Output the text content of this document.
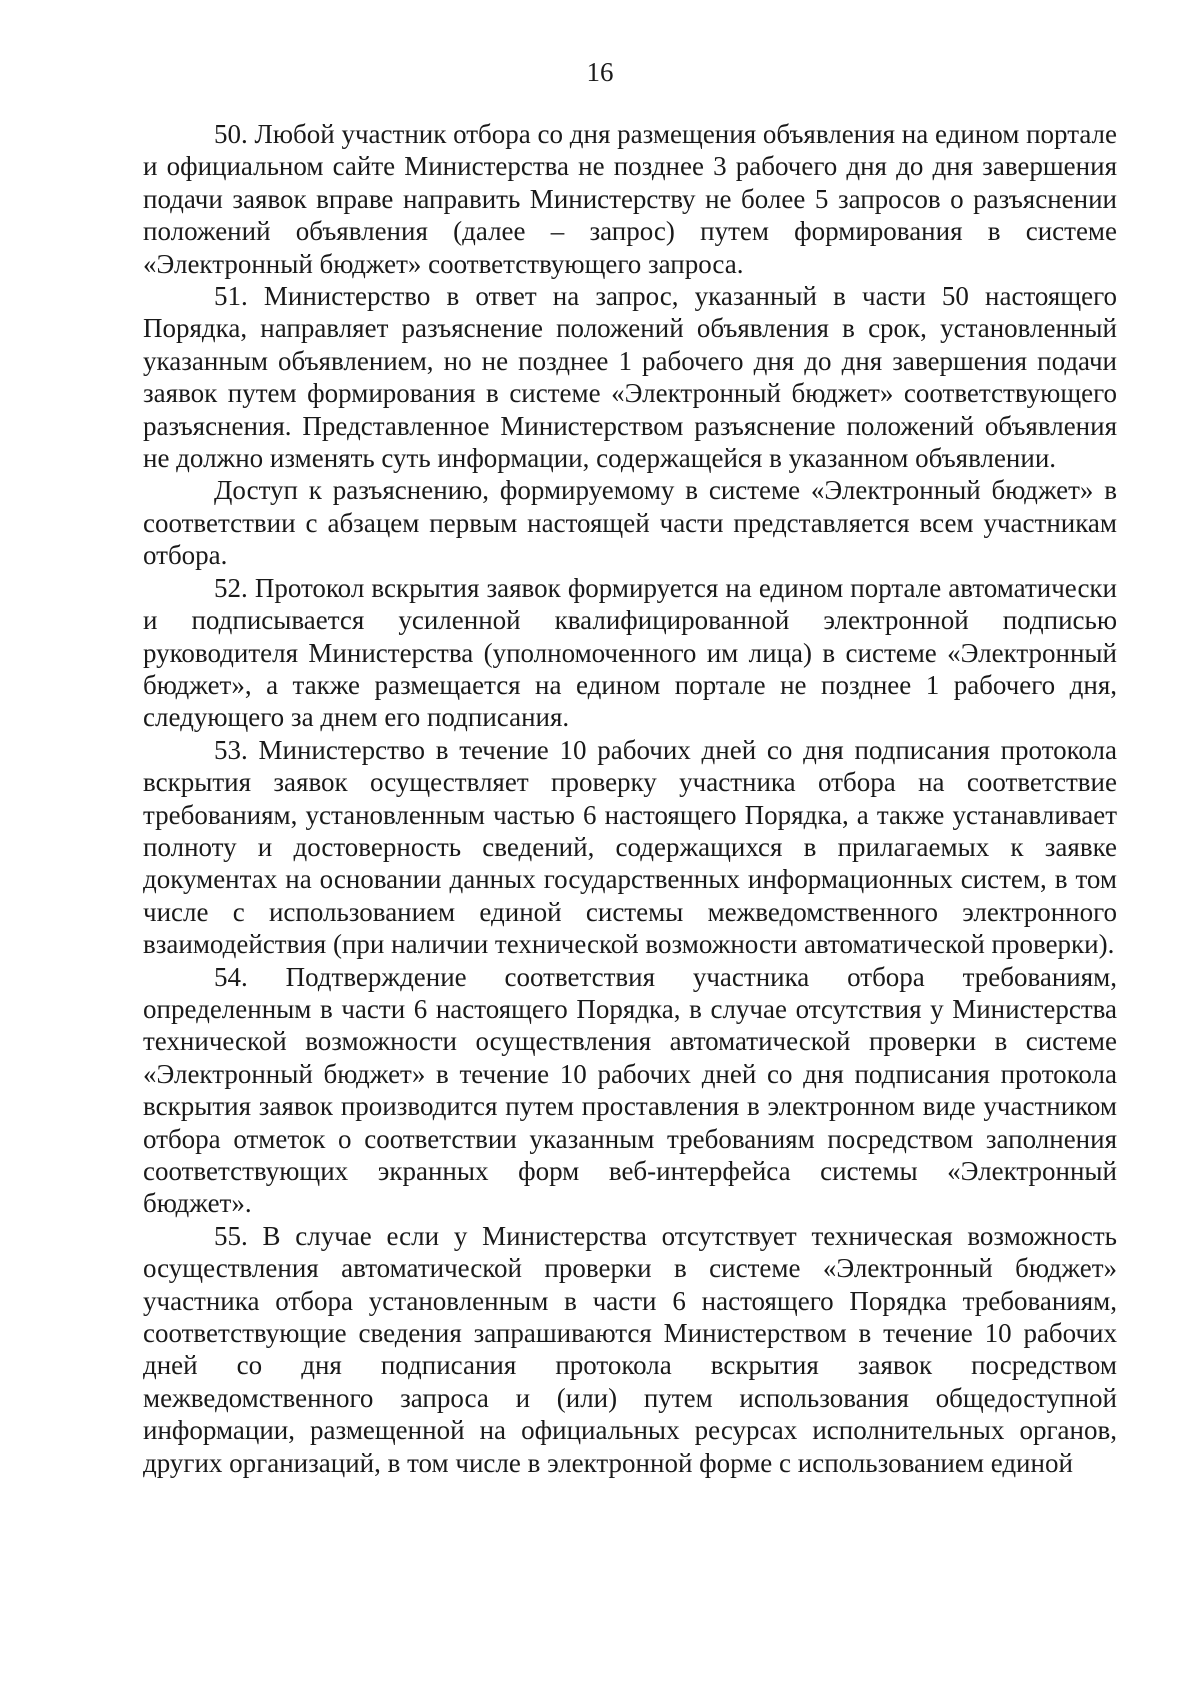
16

50. Любой участник отбора со дня размещения объявления на едином портале и официальном сайте Министерства не позднее 3 рабочего дня до дня завершения подачи заявок вправе направить Министерству не более 5 запросов о разъяснении положений объявления (далее – запрос) путем формирования в системе «Электронный бюджет» соответствующего запроса.

51. Министерство в ответ на запрос, указанный в части 50 настоящего Порядка, направляет разъяснение положений объявления в срок, установленный указанным объявлением, но не позднее 1 рабочего дня до дня завершения подачи заявок путем формирования в системе «Электронный бюджет» соответствующего разъяснения. Представленное Министерством разъяснение положений объявления не должно изменять суть информации, содержащейся в указанном объявлении.

Доступ к разъяснению, формируемому в системе «Электронный бюджет» в соответствии с абзацем первым настоящей части представляется всем участникам отбора.

52. Протокол вскрытия заявок формируется на едином портале автоматически и подписывается усиленной квалифицированной электронной подписью руководителя Министерства (уполномоченного им лица) в системе «Электронный бюджет», а также размещается на едином портале не позднее 1 рабочего дня, следующего за днем его подписания.

53. Министерство в течение 10 рабочих дней со дня подписания протокола вскрытия заявок осуществляет проверку участника отбора на соответствие требованиям, установленным частью 6 настоящего Порядка, а также устанавливает полноту и достоверность сведений, содержащихся в прилагаемых к заявке документах на основании данных государственных информационных систем, в том числе с использованием единой системы межведомственного электронного взаимодействия (при наличии технической возможности автоматической проверки).

54. Подтверждение соответствия участника отбора требованиям, определенным в части 6 настоящего Порядка, в случае отсутствия у Министерства технической возможности осуществления автоматической проверки в системе «Электронный бюджет» в течение 10 рабочих дней со дня подписания протокола вскрытия заявок производится путем проставления в электронном виде участником отбора отметок о соответствии указанным требованиям посредством заполнения соответствующих экранных форм веб-интерфейса системы «Электронный бюджет».

55. В случае если у Министерства отсутствует техническая возможность осуществления автоматической проверки в системе «Электронный бюджет» участника отбора установленным в части 6 настоящего Порядка требованиям, соответствующие сведения запрашиваются Министерством в течение 10 рабочих дней со дня подписания протокола вскрытия заявок посредством межведомственного запроса и (или) путем использования общедоступной информации, размещенной на официальных ресурсах исполнительных органов, других организаций, в том числе в электронной форме с использованием единой
